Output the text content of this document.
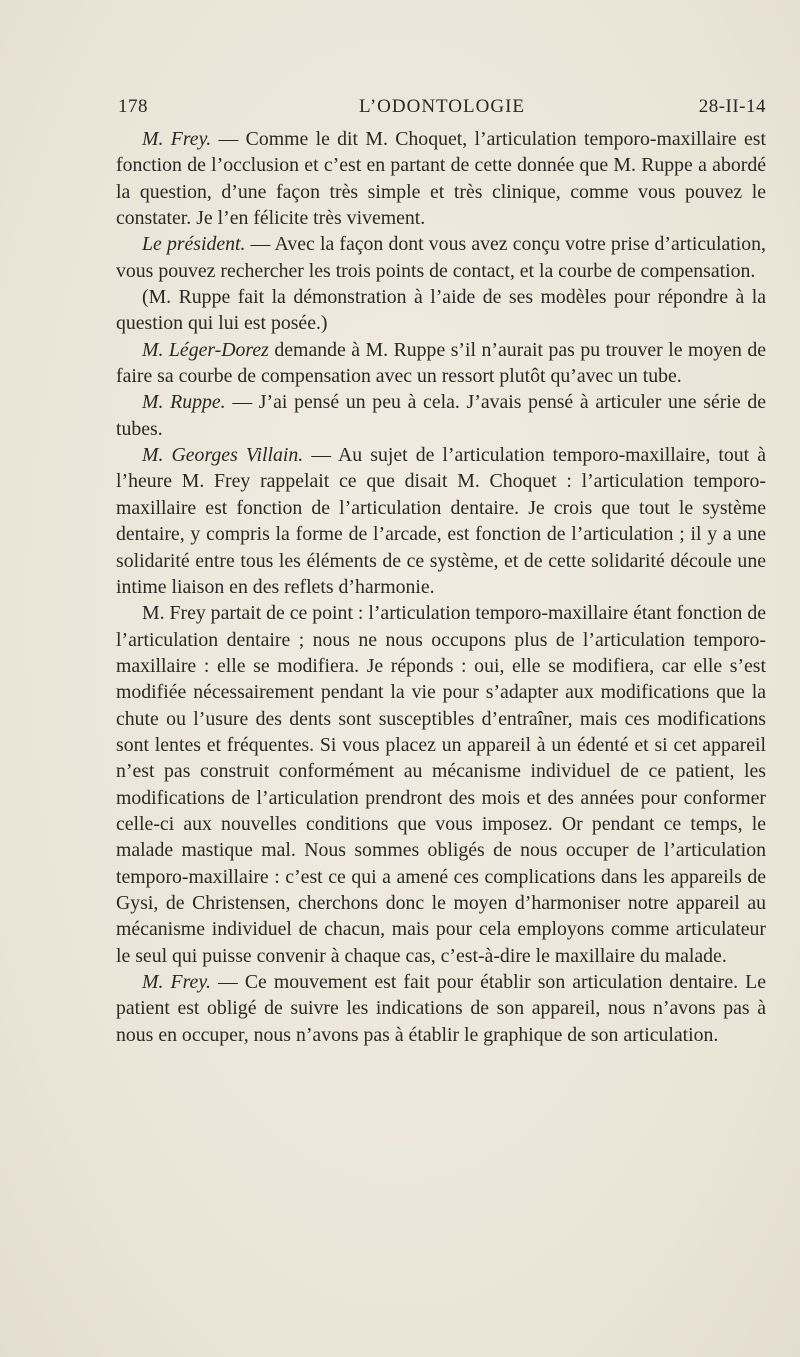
178	L’ODONTOLOGIE	28-II-14

M. Frey. — Comme le dit M. Choquet, l’articulation temporo-maxillaire est fonction de l’occlusion et c’est en partant de cette donnée que M. Ruppe a abordé la question, d’une façon très simple et très clinique, comme vous pouvez le constater. Je l’en félicite très vivement.

Le président. — Avec la façon dont vous avez conçu votre prise d’articulation, vous pouvez rechercher les trois points de contact, et la courbe de compensation.

(M. Ruppe fait la démonstration à l’aide de ses modèles pour répondre à la question qui lui est posée.)

M. Léger-Dorez demande à M. Ruppe s’il n’aurait pas pu trouver le moyen de faire sa courbe de compensation avec un ressort plutôt qu’avec un tube.

M. Ruppe. — J’ai pensé un peu à cela. J’avais pensé à articuler une série de tubes.

M. Georges Villain. — Au sujet de l’articulation temporo-maxillaire, tout à l’heure M. Frey rappelait ce que disait M. Choquet : l’articulation temporo-maxillaire est fonction de l’articulation dentaire. Je crois que tout le système dentaire, y compris la forme de l’arcade, est fonction de l’articulation ; il y a une solidarité entre tous les éléments de ce système, et de cette solidarité découle une intime liaison en des reflets d’harmonie.

M. Frey partait de ce point : l’articulation temporo-maxillaire étant fonction de l’articulation dentaire ; nous ne nous occupons plus de l’articulation temporo-maxillaire : elle se modifiera. Je réponds : oui, elle se modifiera, car elle s’est modifiée nécessairement pendant la vie pour s’adapter aux modifications que la chute ou l’usure des dents sont susceptibles d’entraîner, mais ces modifications sont lentes et fréquentes. Si vous placez un appareil à un édenté et si cet appareil n’est pas construit conformément au mécanisme individuel de ce patient, les modifications de l’articulation prendront des mois et des années pour conformer celle-ci aux nouvelles conditions que vous imposez. Or pendant ce temps, le malade mastique mal. Nous sommes obligés de nous occuper de l’articulation temporo-maxillaire : c’est ce qui a amené ces complications dans les appareils de Gysi, de Christensen, cherchons donc le moyen d’harmoniser notre appareil au mécanisme individuel de chacun, mais pour cela employons comme articulateur le seul qui puisse convenir à chaque cas, c’est-à-dire le maxillaire du malade.

M. Frey. — Ce mouvement est fait pour établir son articulation dentaire. Le patient est obligé de suivre les indications de son appareil, nous n’avons pas à nous en occuper, nous n’avons pas à établir le graphique de son articulation.
